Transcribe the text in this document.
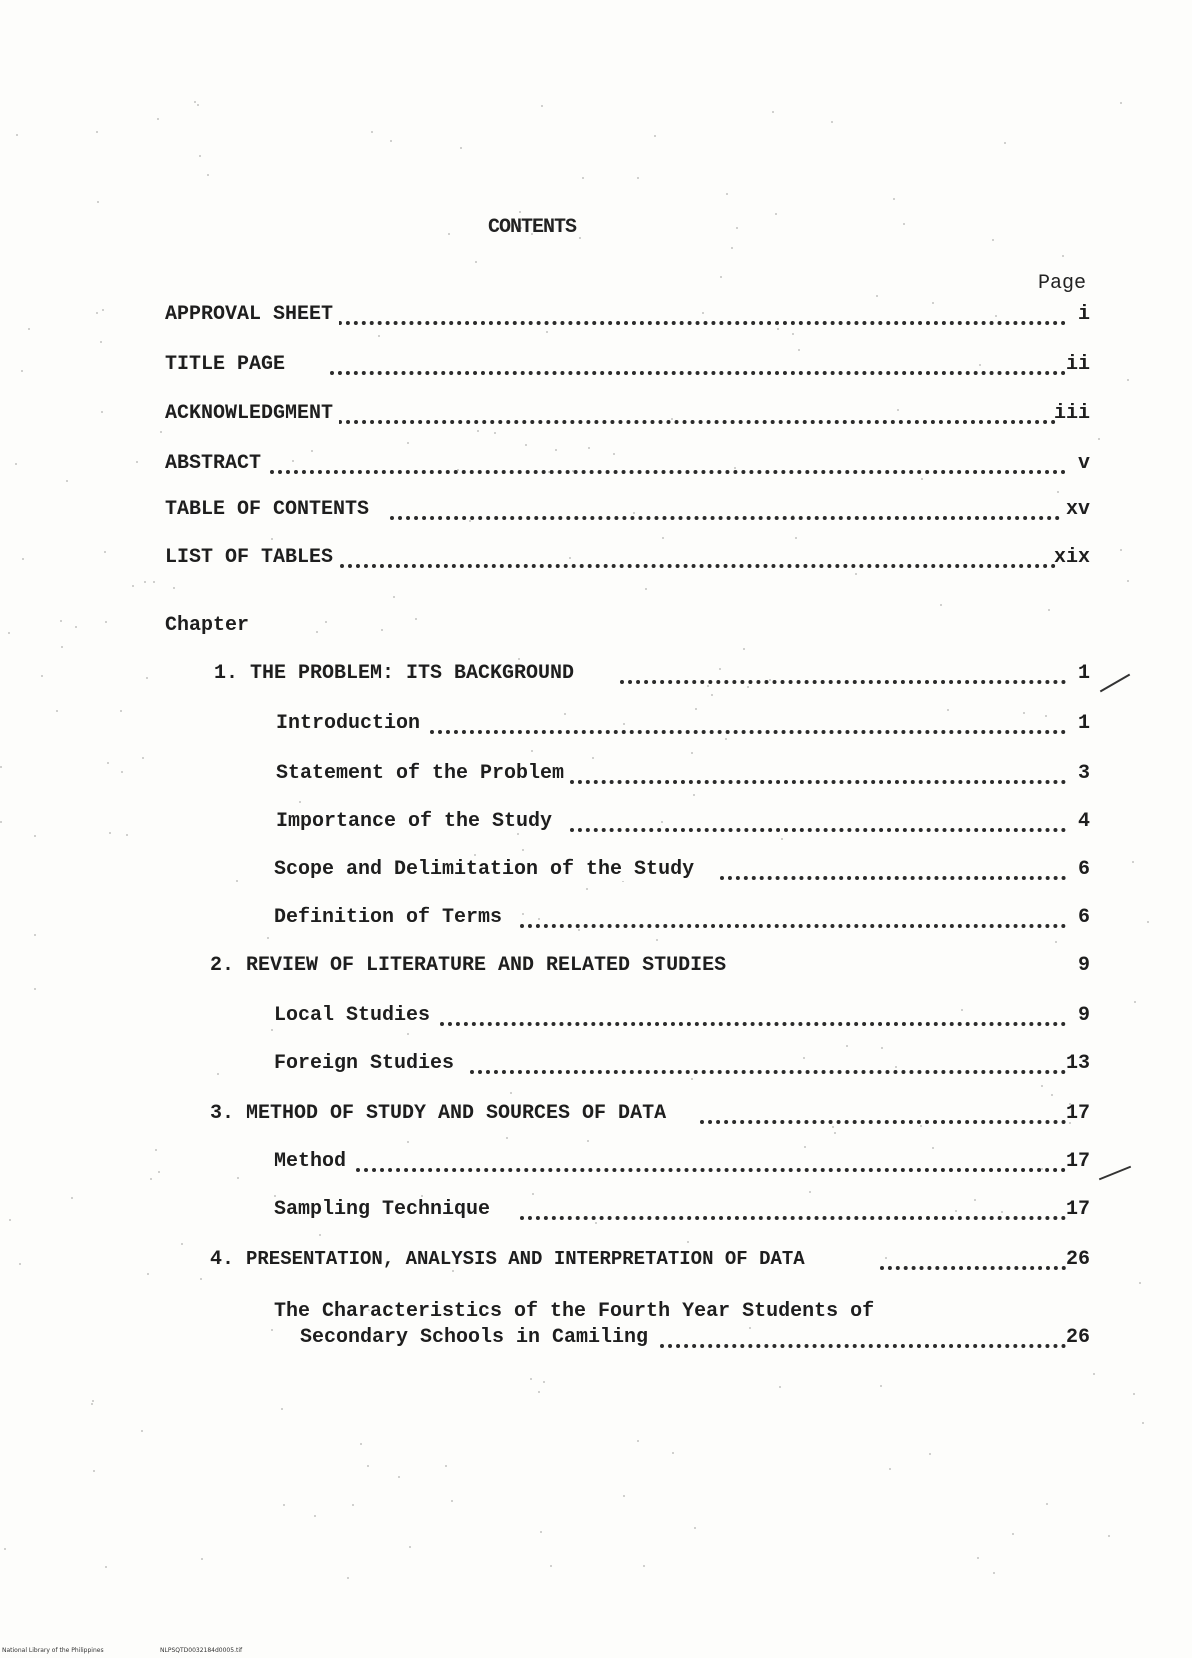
CONTENTS
Page
APPROVAL SHEET	i
TITLE PAGE	ii
ACKNOWLEDGMENT	iii
ABSTRACT	v
TABLE OF CONTENTS	xv
LIST OF TABLES	xix
Chapter
1. THE PROBLEM: ITS BACKGROUND	1
Introduction	1
Statement of the Problem	3
Importance of the Study	4
Scope and Delimitation of the Study	6
Definition of Terms	6
2. REVIEW OF LITERATURE AND RELATED STUDIES	9
Local Studies	9
Foreign Studies	13
3. METHOD OF STUDY AND SOURCES OF DATA	17
Method	17
Sampling Technique	17
4. PRESENTATION, ANALYSIS AND INTERPRETATION OF DATA	26
The Characteristics of the Fourth Year Students of
Secondary Schools in Camiling	26
National Library of the Philippines	NLPSQTD0032184d0005.tif
